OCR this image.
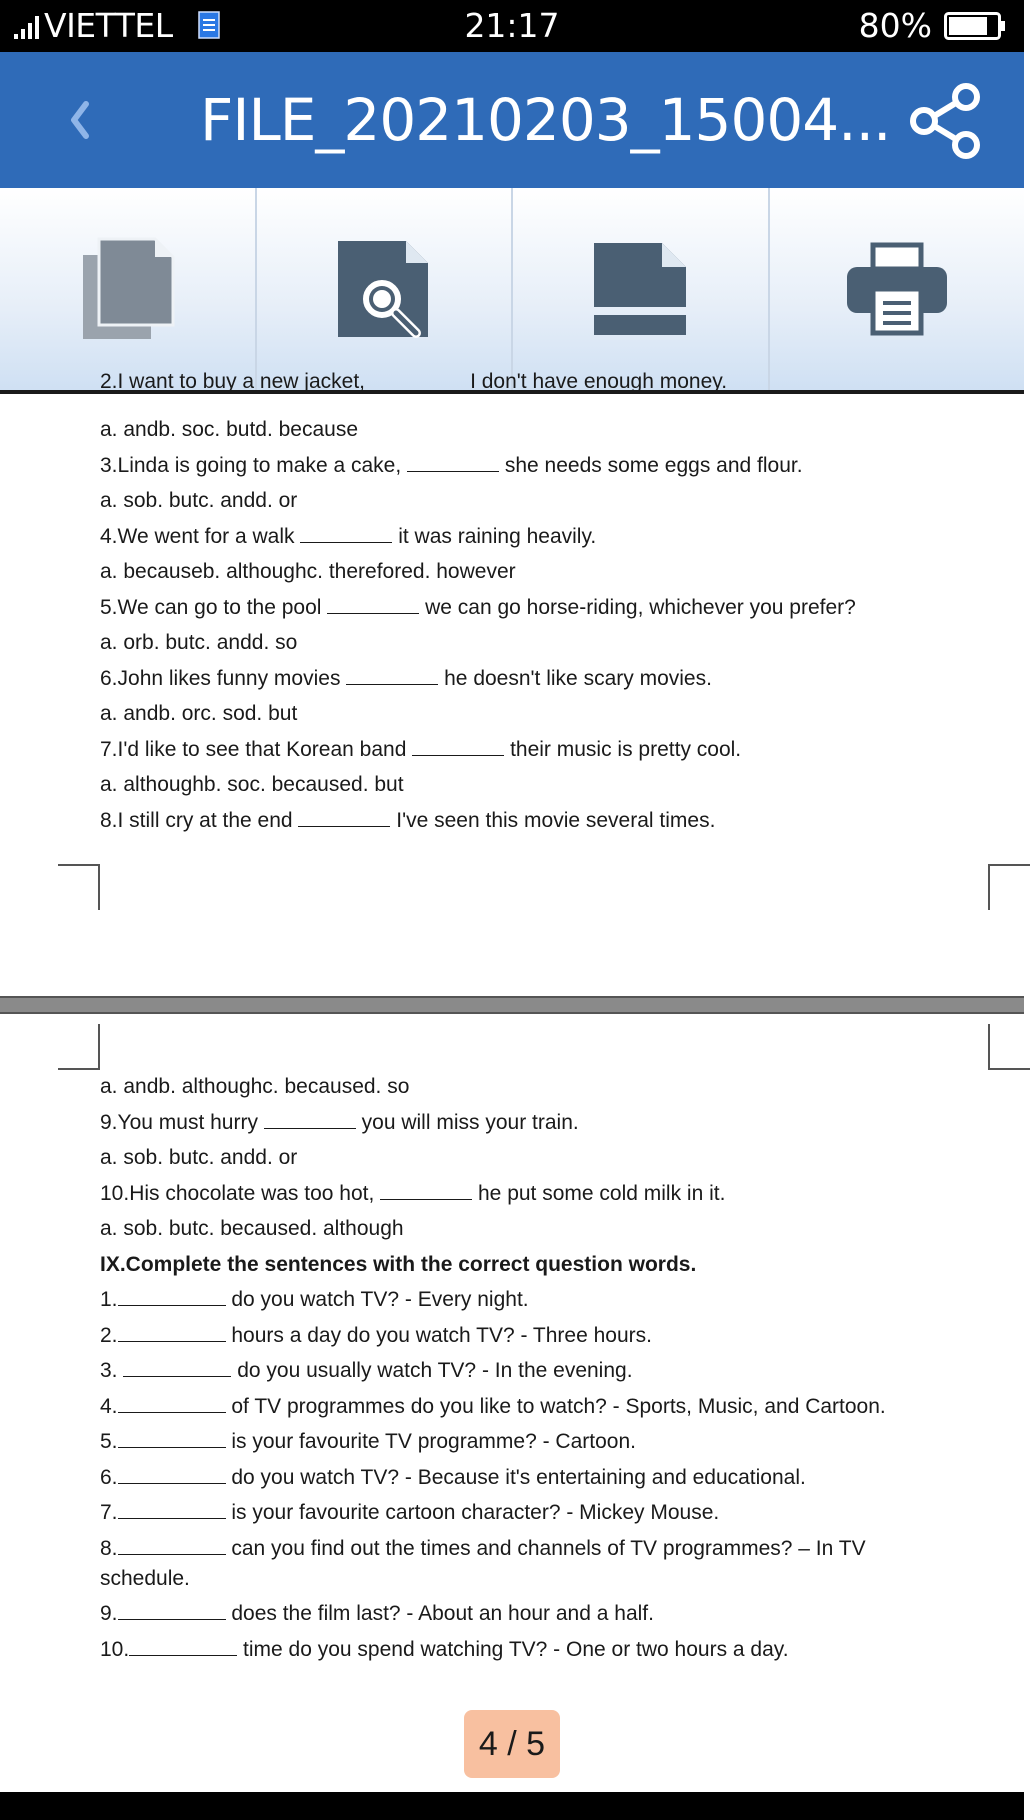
VIETTEL	21:17	80%
FILE_20210203_15004...
2.I want to buy a new jacket, ________ I don't have enough money.
a. andb. soc. butd. because
3.Linda is going to make a cake,	she needs some eggs and flour.
a. sob. butc. andd. or
4.We went for a walk	it was raining heavily.
a. becauseb. althoughc. therefored. however
5.We can go to the pool	we can go horse-riding, whichever you prefer?
a. orb. butc. andd. so
6.John likes funny movies	he doesn't like scary movies.
a. andb. orc. sod. but
7.I'd like to see that Korean band	their music is pretty cool.
a. althoughb. soc. becaused. but
8.I still cry at the end	I've seen this movie several times.
a. andb. althoughc. becaused. so
9.You must hurry	you will miss your train.
a. sob. butc. andd. or
10.His chocolate was too hot,	he put some cold milk in it.
a. sob. butc. becaused. although
IX.Complete the sentences with the correct question words.
1.	do you watch TV? - Every night.
2.	hours a day do you watch TV? - Three hours.
3.	do you usually watch TV? - In the evening.
4.	of TV programmes do you like to watch? - Sports, Music, and Cartoon.
5.	is your favourite TV programme? - Cartoon.
6.	do you watch TV? - Because it's entertaining and educational.
7.	is your favourite cartoon character? - Mickey Mouse.
8.	can you find out the times and channels of TV programmes? – In TV
schedule.
9.	does the film last? - About an hour and a half.
10.	time do you spend watching TV? - One or two hours a day.
4 / 5
